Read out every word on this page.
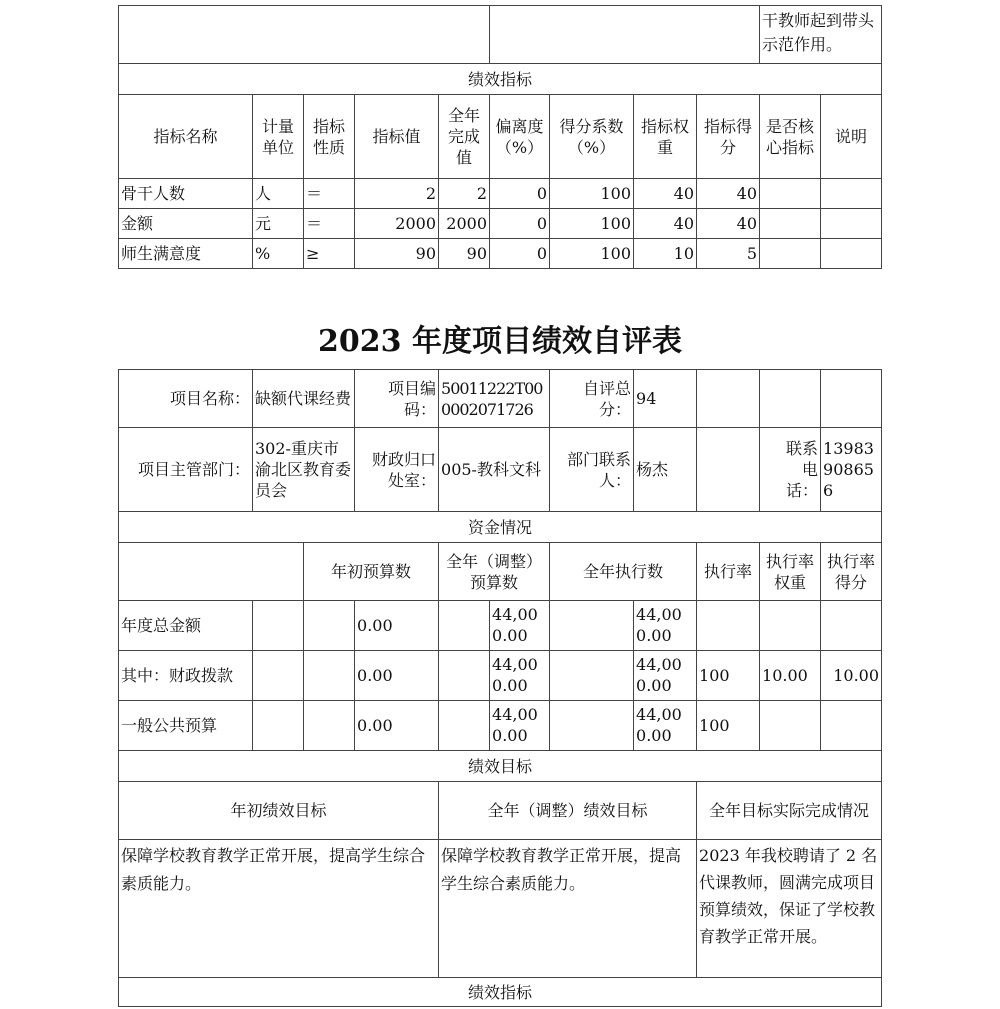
									干教师起到带头示范作用。	
绩效指标										
指标名称	计量单位	指标性质	指标值	全年完成值	偏离度（%）	得分系数（%）	指标权重	指标得分	是否核心指标	说明
骨干人数	人	＝	2	2	0	100	40	40		
金额	元	＝	2000	2000	0	100	40	40		
师生满意度	%	≥	90	90	0	100	10	5		
2023 年度项目绩效自评表
项目名称：	缺额代课经费		项目编码：	50011222T000002071726		自评总分：	94			
项目主管部门：	302-重庆市渝北区教育委员会		财政归口处室：	005-教科文科		部门联系人：	杨杰		联系电话：	13983908656
资金情况										
		年初预算数		全年（调整）预算数		全年执行数		执行率	执行率权重	执行率得分
年度总金额			0.00		44,000.00		44,000.00			
其中：财政拨款			0.00		44,000.00		44,000.00	100	10.00	10.00
一般公共预算			0.00		44,000.00		44,000.00	100		
绩效目标										
年初绩效目标				全年（调整）绩效目标				全年目标实际完成情况		
保障学校教育教学正常开展，提高学生综合素质能力。				保障学校教育教学正常开展，提高学生综合素质能力。				2023 年我校聘请了 2 名代课教师，圆满完成项目预算绩效，保证了学校教育教学正常开展。		
绩效指标										
